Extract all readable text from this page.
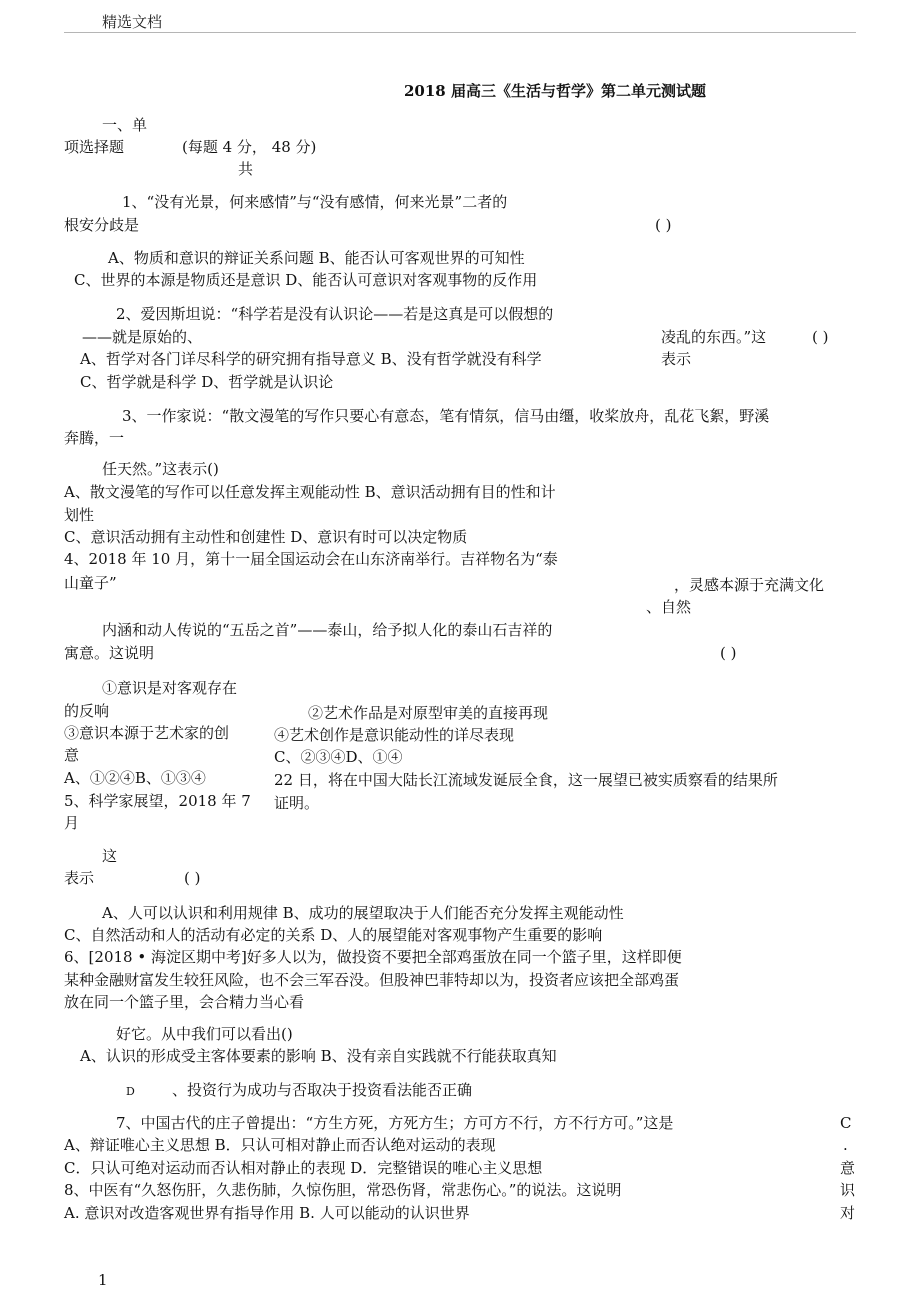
精选文档
2018 届高三《生活与哲学》第二单元测试题
一、单
项选择题	(每题 4 分， 48 分)
共
1、“没有光景，何来感情”与“没有感情，何来光景”二者的
根安分歧是	( )
A、物质和意识的辩证关系问题 B、能否认可客观世界的可知性
C、世界的本源是物质还是意识 D、能否认可意识对客观事物的反作用
2、爱因斯坦说：“科学若是没有认识论——若是这真是可以假想的
——就是原始的、	凌乱的东西。”这	( )
A、哲学对各门详尽科学的研究拥有指导意义 B、没有哲学就没有科学	表示
C、哲学就是科学 D、哲学就是认识论
3、一作家说：“散文漫笔的写作只要心有意态，笔有情氛，信马由缰，收桨放舟，乱花飞絮，野溪
奔腾，一
任天然。”这表示()
A、散文漫笔的写作可以任意发挥主观能动性 B、意识活动拥有目的性和计
划性
C、意识活动拥有主动性和创建性 D、意识有时可以决定物质
4、2018 年 10 月，第十一届全国运动会在山东济南举行。吉祥物名为“泰
山童子”	，灵感本源于充满文化
、自然
内涵和动人传说的“五岳之首”——泰山，给予拟人化的泰山石吉祥的
寓意。这说明	( )
①意识是对客观存在
的反响	②艺术作品是对原型审美的直接再现
③意识本源于艺术家的创	④艺术创作是意识能动性的详尽表现
意	C、②③④D、①④
A、①②④B、①③④	22 日，将在中国大陆长江流域发诞辰全食，这一展望已被实质察看的结果所
5、科学家展望，2018 年 7 证明。
月
这
表示	( )
A、人可以认识和利用规律 B、成功的展望取决于人们能否充分发挥主观能动性
C、自然活动和人的活动有必定的关系 D、人的展望能对客观事物产生重要的影响
6、[2018 • 海淀区期中考]好多人以为，做投资不要把全部鸡蛋放在同一个篮子里，这样即便
某种金融财富发生较狂风险，也不会三军吞没。但股神巴菲特却以为，投资者应该把全部鸡蛋
放在同一个篮子里，会合精力当心看
好它。从中我们可以看出()
A、认识的形成受主客体要素的影响 B、没有亲自实践就不行能获取真知
D 、投资行为成功与否取决于投资看法能否正确
7、中国古代的庄子曾提出：“方生方死，方死方生；方可方不行，方不行方可。”这是
A、辩证唯心主义思想 B．只认可相对静止而否认绝对运动的表现
C．只认可绝对运动而否认相对静止的表现 D．完整错误的唯心主义思想
8、中医有“久怒伤肝，久悲伤肺，久惊伤胆，常恐伤肾，常悲伤心。”的说法。这说明
A. 意识对改造客观世界有指导作用 B. 人可以能动的认识世界
C
.
意
识
对
1
